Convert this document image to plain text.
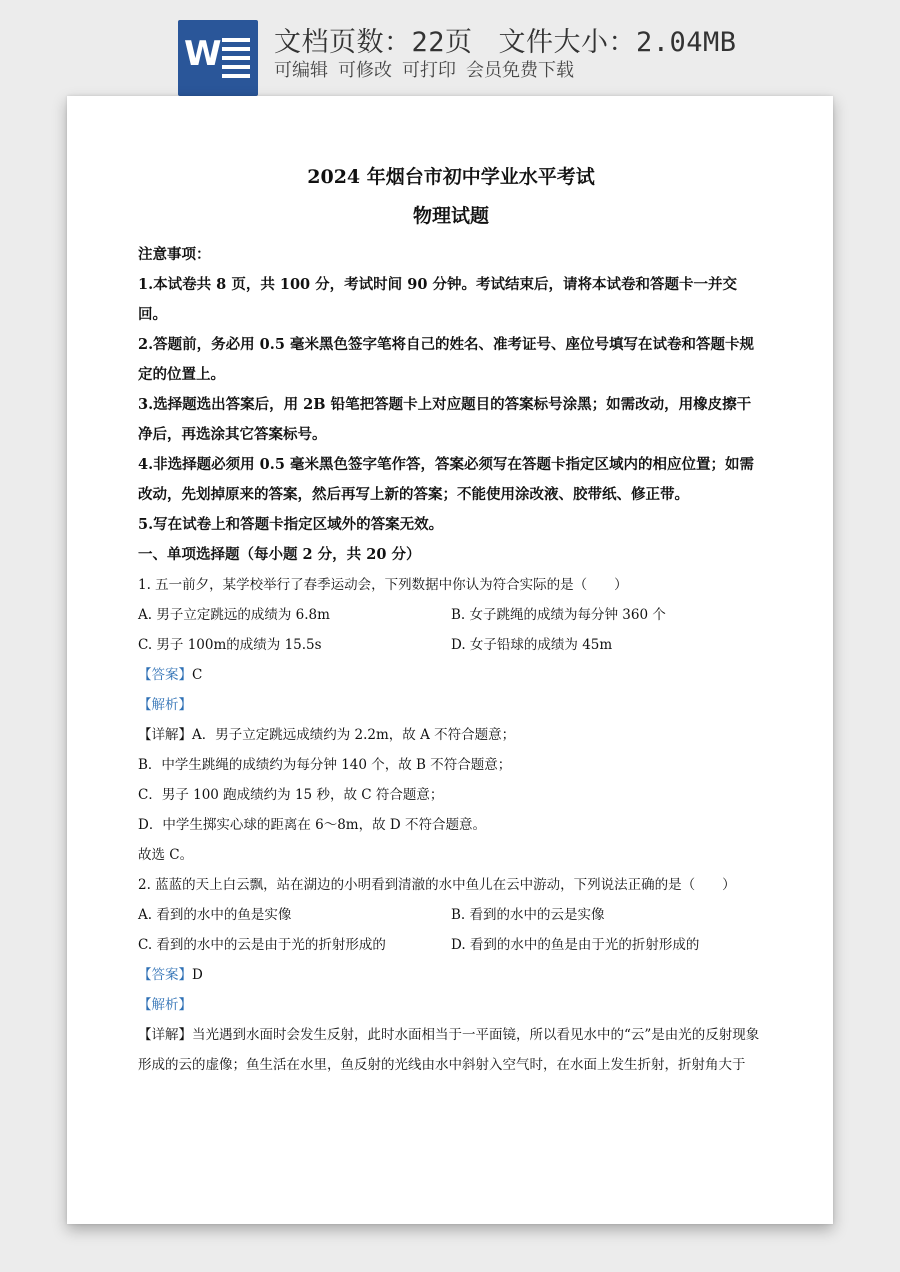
W 文档页数：22页 文件大小：2.04MB
可编辑 可修改 可打印 会员免费下载

2024 年烟台市初中学业水平考试

物理试题

注意事项：

1.本试卷共 8 页，共 100 分，考试时间 90 分钟。考试结束后，请将本试卷和答题卡一并交回。

2.答题前，务必用 0.5 毫米黑色签字笔将自己的姓名、准考证号、座位号填写在试卷和答题卡规定的位置上。

3.选择题选出答案后，用 2B 铅笔把答题卡上对应题目的答案标号涂黑；如需改动，用橡皮擦干净后，再选涂其它答案标号。

4.非选择题必须用 0.5 毫米黑色签字笔作答，答案必须写在答题卡指定区域内的相应位置；如需改动，先划掉原来的答案，然后再写上新的答案；不能使用涂改液、胶带纸、修正带。

5.写在试卷上和答题卡指定区域外的答案无效。

一、单项选择题（每小题 2 分，共 20 分）

1. 五一前夕，某学校举行了春季运动会，下列数据中你认为符合实际的是（　　）

A. 男子立定跳远的成绩为 6.8m	B. 女子跳绳的成绩为每分钟 360 个
C. 男子 100m的成绩为 15.5s	D. 女子铅球的成绩为 45m

【答案】C

【解析】

【详解】A．男子立定跳远成绩约为 2.2m，故 A 不符合题意；

B．中学生跳绳的成绩约为每分钟 140 个，故 B 不符合题意；

C．男子 100 跑成绩约为 15 秒，故 C 符合题意；

D．中学生掷实心球的距离在 6～8m，故 D 不符合题意。

故选 C。

2. 蓝蓝的天上白云飘，站在湖边的小明看到清澈的水中鱼儿在云中游动，下列说法正确的是（　　）

A. 看到的水中的鱼是实像	B. 看到的水中的云是实像
C. 看到的水中的云是由于光的折射形成的	D. 看到的水中的鱼是由于光的折射形成的

【答案】D

【解析】

【详解】当光遇到水面时会发生反射，此时水面相当于一平面镜，所以看见水中的“云”是由光的反射现象形成的云的虚像；鱼生活在水里，鱼反射的光线由水中斜射入空气时，在水面上发生折射，折射角大于
